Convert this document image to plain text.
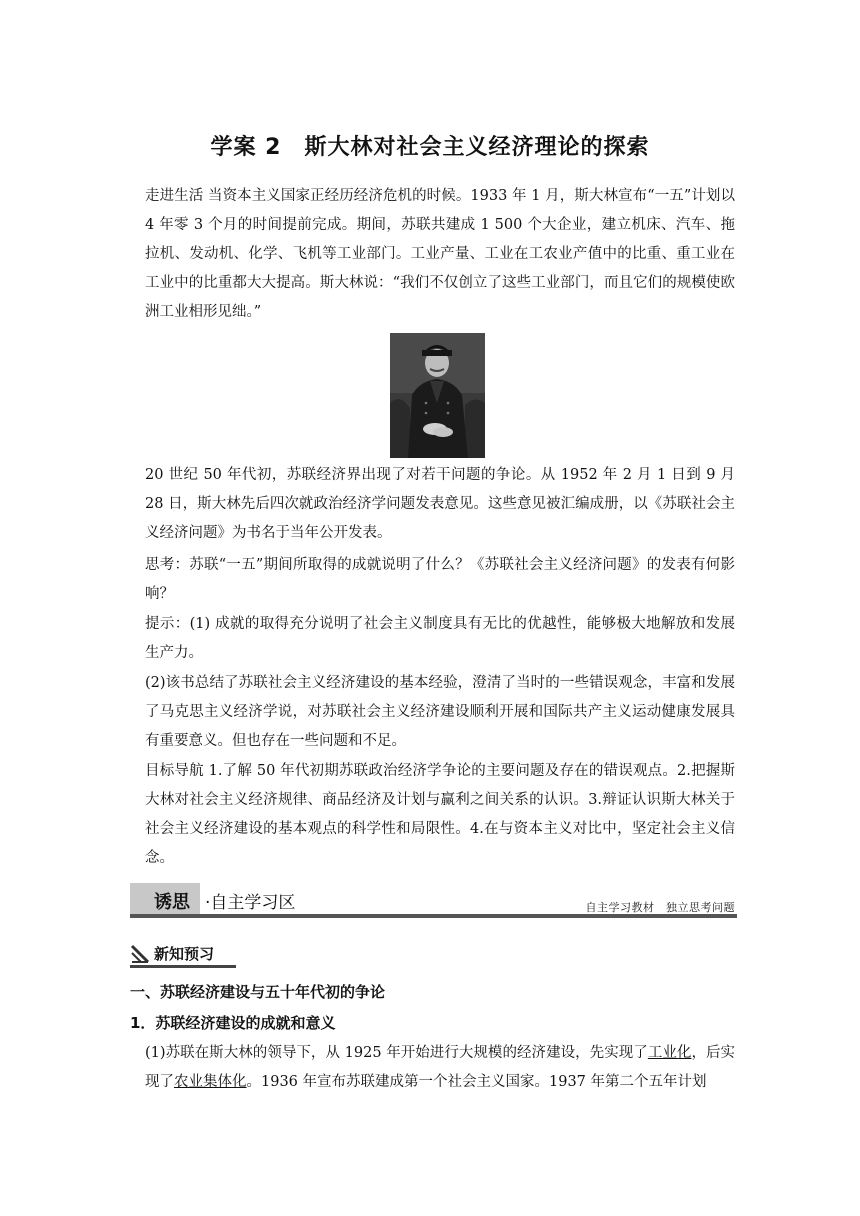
学案 2　斯大林对社会主义经济理论的探索
走进生活 当资本主义国家正经历经济危机的时候。1933 年 1 月，斯大林宣布“一五”计划以 4 年零 3 个月的时间提前完成。期间，苏联共建成 1 500 个大企业，建立机床、汽车、拖拉机、发动机、化学、飞机等工业部门。工业产量、工业在工农业产值中的比重、重工业在工业中的比重都大大提高。斯大林说：“我们不仅创立了这些工业部门，而且它们的规模使欧洲工业相形见绌。”
20 世纪 50 年代初，苏联经济界出现了对若干问题的争论。从 1952 年 2 月 1 日到 9 月 28 日，斯大林先后四次就政治经济学问题发表意见。这些意见被汇编成册，以《苏联社会主义经济问题》为书名于当年公开发表。
思考：苏联“一五”期间所取得的成就说明了什么？《苏联社会主义经济问题》的发表有何影响？
提示：(1) 成就的取得充分说明了社会主义制度具有无比的优越性，能够极大地解放和发展生产力。
(2)该书总结了苏联社会主义经济建设的基本经验，澄清了当时的一些错误观念，丰富和发展了马克思主义经济学说，对苏联社会主义经济建设顺利开展和国际共产主义运动健康发展具有重要意义。但也存在一些问题和不足。
目标导航 1.了解 50 年代初期苏联政治经济学争论的主要问题及存在的错误观点。2.把握斯大林对社会主义经济规律、商品经济及计划与赢利之间关系的认识。3.辩证认识斯大林关于社会主义经济建设的基本观点的科学性和局限性。4.在与资本主义对比中，坚定社会主义信念。
诱思 ·自主学习区	自主学习教材　独立思考问题
新知预习
一、苏联经济建设与五十年代初的争论
1．苏联经济建设的成就和意义
(1)苏联在斯大林的领导下，从 1925 年开始进行大规模的经济建设，先实现了工业化，后实现了农业集体化。1936 年宣布苏联建成第一个社会主义国家。1937 年第二个五年计划
